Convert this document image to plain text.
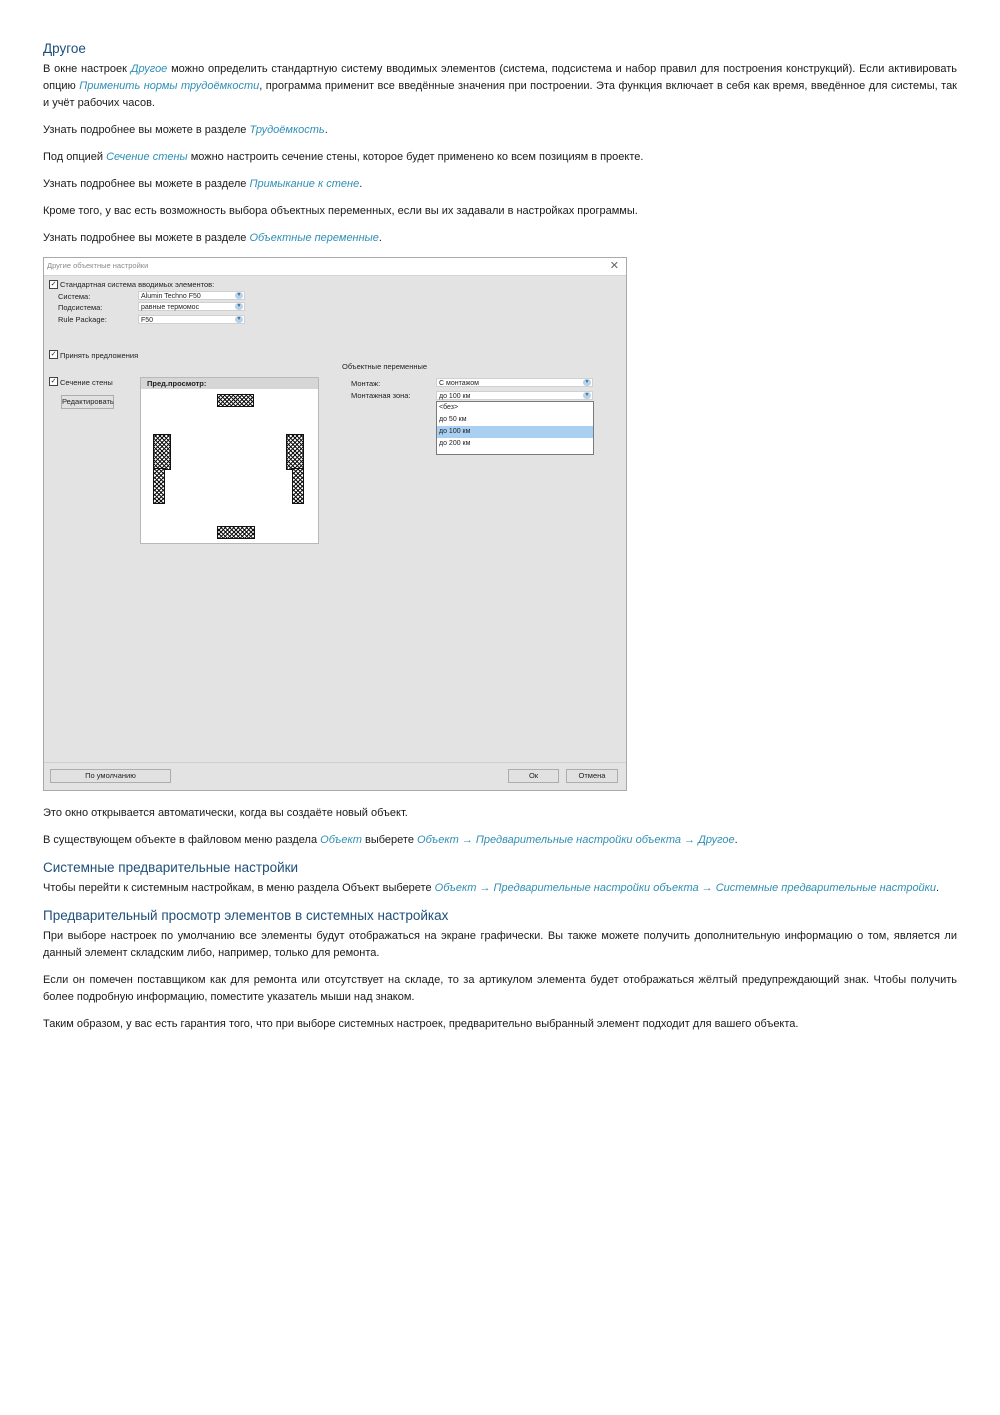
Другое

В окне настроек Другое можно определить стандартную систему вводимых элементов (система, подсистема и набор правил для построения конструкций). Если активировать опцию Применить нормы трудоёмкости, программа применит все введённые значения при построении. Эта функция включает в себя как время, введённое для системы, так и учёт рабочих часов.

Узнать подробнее вы можете в разделе Трудоёмкость.

Под опцией Сечение стены можно настроить сечение стены, которое будет применено ко всем позициям в проекте.

Узнать подробнее вы можете в разделе Примыкание к стене.

Кроме того, у вас есть возможность выбора объектных переменных, если вы их задавали в настройках программы.

Узнать подробнее вы можете в разделе Объектные переменные.

Другие объектные настройки	✕
✓ Стандартная система вводимых элементов:
Система:	Alumin Techno F50	▼
Подсистема:	равные термомос	▼
Rule Package:	F50	▼
✓ Принять предложения
✓ Сечение стены
Редактировать
Пред.просмотр:
Объектные переменные
Монтаж:	С монтажом	▼
Монтажная зона:	до 100 км	▼
<без>
до 50 км
до 100 км
до 200 км
По умолчанию	Ок	Отмена

Это окно открывается автоматически, когда вы создаёте новый объект.

В существующем объекте в файловом меню раздела Объект выберете Объект → Предварительные настройки объекта → Другое.

Системные предварительные настройки

Чтобы перейти к системным настройкам, в меню раздела Объект выберете Объект → Предварительные настройки объекта → Системные предварительные настройки.

Предварительный просмотр элементов в системных настройках

При выборе настроек по умолчанию все элементы будут отображаться на экране графически. Вы также можете получить дополнительную информацию о том, является ли данный элемент складским либо, например, только для ремонта.

Если он помечен поставщиком как для ремонта или отсутствует на складе, то за артикулом элемента будет отображаться жёлтый предупреждающий знак. Чтобы получить более подробную информацию, поместите указатель мыши над знаком.

Таким образом, у вас есть гарантия того, что при выборе системных настроек, предварительно выбранный элемент подходит для вашего объекта.
